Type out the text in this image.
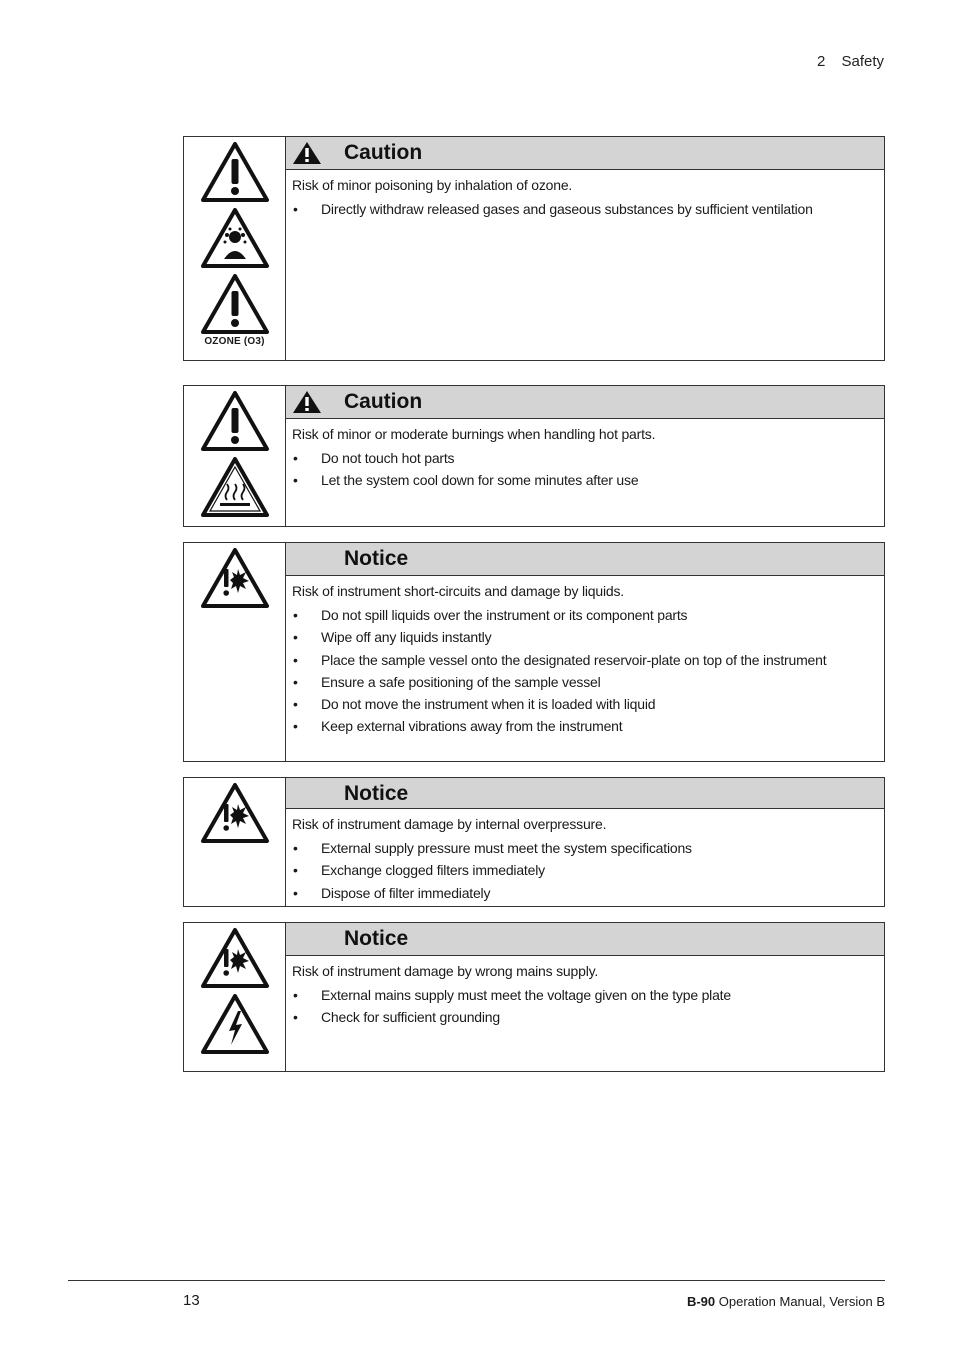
2 Safety
OZONE (O3)
Caution
Risk of minor poisoning by inhalation of ozone.
• Directly withdraw released gases and gaseous substances by sufficient ventilation
Caution
Risk of minor or moderate burnings when handling hot parts.
• Do not touch hot parts
• Let the system cool down for some minutes after use
Notice
Risk of instrument short-circuits and damage by liquids.
• Do not spill liquids over the instrument or its component parts
• Wipe off any liquids instantly
• Place the sample vessel onto the designated reservoir-plate on top of the instrument
• Ensure a safe positioning of the sample vessel
• Do not move the instrument when it is loaded with liquid
• Keep external vibrations away from the instrument
Notice
Risk of instrument damage by internal overpressure.
• External supply pressure must meet the system specifications
• Exchange clogged filters immediately
• Dispose of filter immediately
Notice
Risk of instrument damage by wrong mains supply.
• External mains supply must meet the voltage given on the type plate
• Check for sufficient grounding
13	B-90 Operation Manual, Version B
